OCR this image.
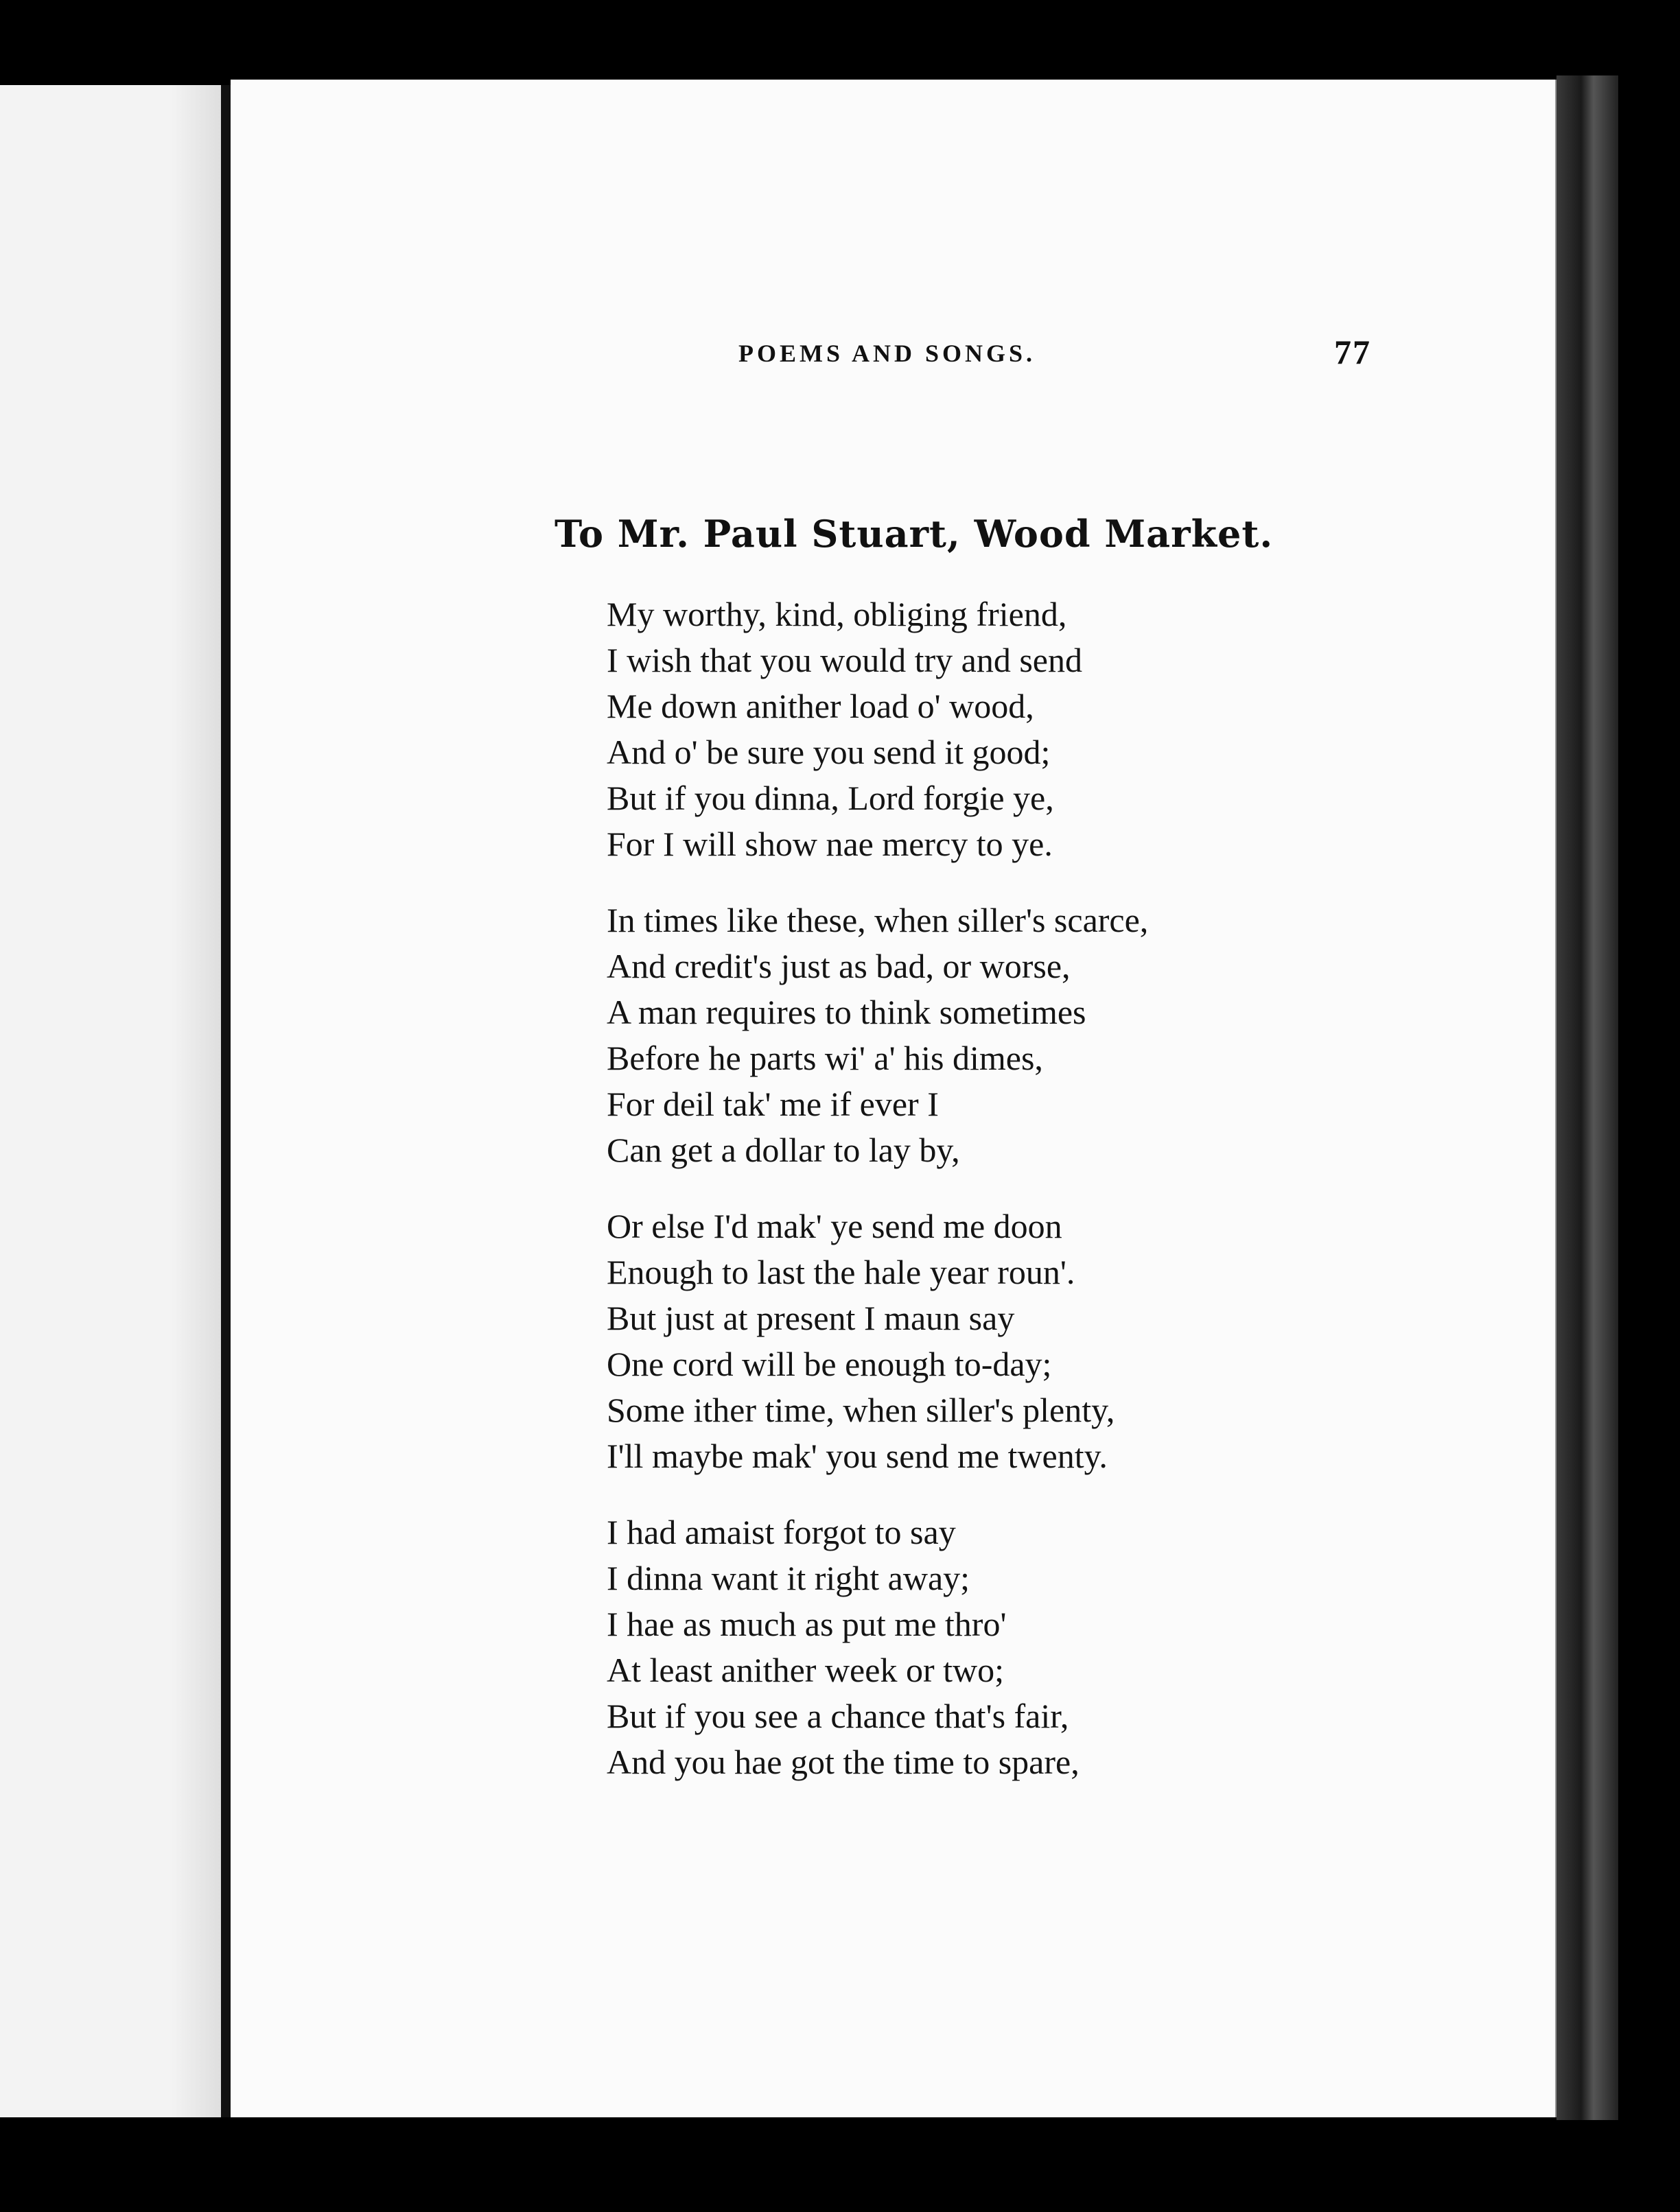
POEMS AND SONGS.	77
To Mr. Paul Stuart, Wood Market.
My worthy, kind, obliging friend,
I wish that you would try and send
Me down anither load o' wood,
And o' be sure you send it good;
But if you dinna, Lord forgie ye,
For I will show nae mercy to ye.
In times like these, when siller's scarce,
And credit's just as bad, or worse,
A man requires to think sometimes
Before he parts wi' a' his dimes,
For deil tak' me if ever I
Can get a dollar to lay by,
Or else I'd mak' ye send me doon
Enough to last the hale year roun'.
But just at present I maun say
One cord will be enough to-day;
Some ither time, when siller's plenty,
I'll maybe mak' you send me twenty.
I had amaist forgot to say
I dinna want it right away;
I hae as much as put me thro'
At least anither week or two;
But if you see a chance that's fair,
And you hae got the time to spare,
